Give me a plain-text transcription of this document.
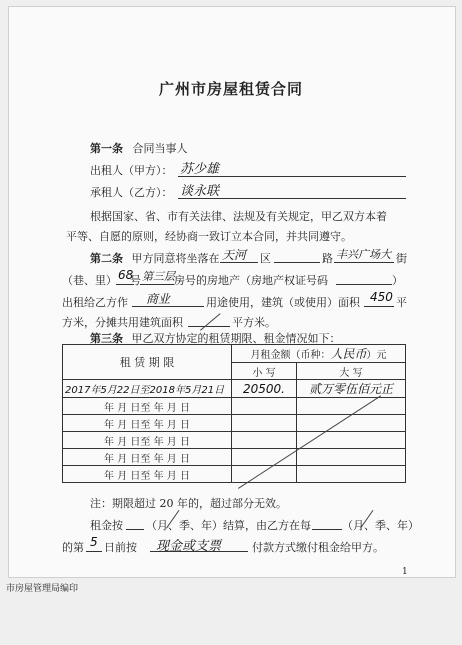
广州市房屋租赁合同
第一条 合同当事人
出租人（甲方）： 苏少雄
承租人（乙方）： 谈永联
根据国家、省、市有关法律、法规及有关规定，甲乙双方本着
平等、自愿的原则，经协商一致订立本合同，并共同遵守。
第二条 甲方同意将坐落在 天河 区	路 丰兴广场大 街
（巷、里） 68
号 第三层 房号的房地产（房地产权证号码	）
出租给乙方作 商业	用途使用，建筑（或使用）面积 450 平
方米，分摊共用建筑面积	平方米。
第三条 甲乙双方协定的租赁期限、租金情况如下：
租 赁 期 限	月租金额（币种：人民币）元	
	小 写	大 写
2017年5月22日至2018年5月21日	20500.	贰万零伍佰元正
年 月 日至 年 月 日		
年 月 日至 年 月 日		
年 月 日至 年 月 日		
年 月 日至 年 月 日		
年 月 日至 年 月 日		
注：期限超过 20 年的，超过部分无效。
租金按 （月、季、年）结算，由乙方在每	（月、季、年）
的第 5 日前按 现金或支票	付款方式缴付租金给甲方。
1
市房屋管理局编印
